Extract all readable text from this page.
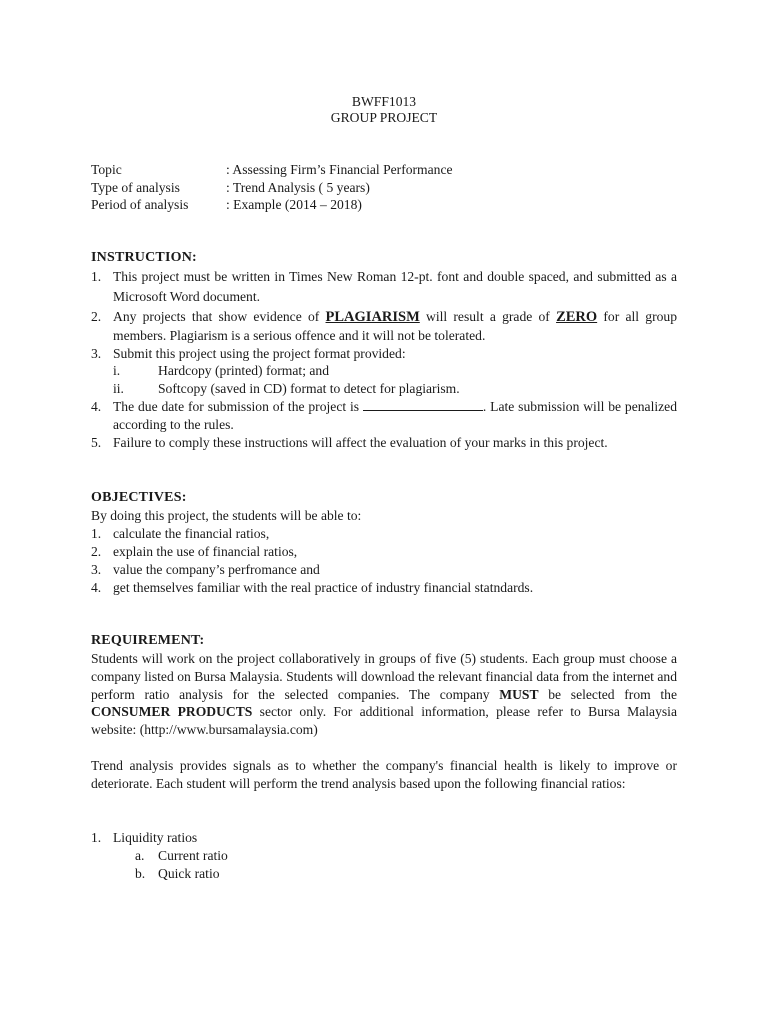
BWFF1013
GROUP PROJECT
Topic	: Assessing Firm’s Financial Performance
Type of analysis	: Trend Analysis ( 5 years)
Period of analysis	: Example (2014 – 2018)
INSTRUCTION:
1. This project must be written in Times New Roman 12-pt. font and double spaced, and submitted as a Microsoft Word document.
2. Any projects that show evidence of PLAGIARISM will result a grade of ZERO for all group members. Plagiarism is a serious offence and it will not be tolerated.
3. Submit this project using the project format provided:
i.	Hardcopy (printed) format; and
ii.	Softcopy (saved in CD) format to detect for plagiarism.
4. The due date for submission of the project is	. Late submission will be penalized according to the rules.
5. Failure to comply these instructions will affect the evaluation of your marks in this project.
OBJECTIVES:
By doing this project, the students will be able to:
1. calculate the financial ratios,
2. explain the use of financial ratios,
3. value the company’s perfromance and
4. get themselves familiar with the real practice of industry financial statndards.
REQUIREMENT:
Students will work on the project collaboratively in groups of five (5) students. Each group must choose a company listed on Bursa Malaysia. Students will download the relevant financial data from the internet and perform ratio analysis for the selected companies. The company MUST be selected from the CONSUMER PRODUCTS sector only. For additional information, please refer to Bursa Malaysia website: (http://www.bursamalaysia.com)
Trend analysis provides signals as to whether the company's financial health is likely to improve or deteriorate. Each student will perform the trend analysis based upon the following financial ratios:
1. Liquidity ratios
a. Current ratio
b. Quick ratio
